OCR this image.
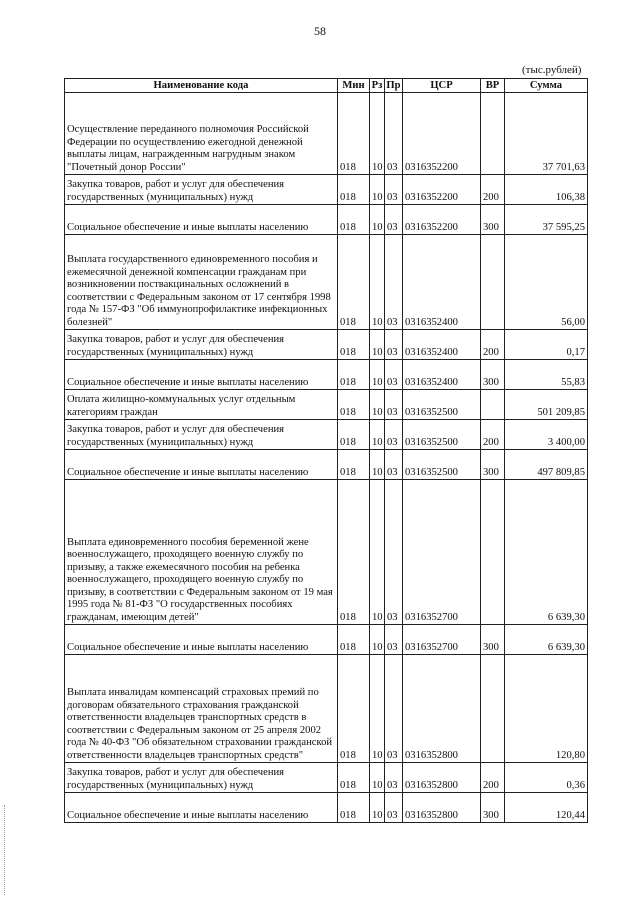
58
(тыс.рублей)
Наименование кода	Мин	Рз	Пр	ЦСР	ВР	Сумма
Осуществление переданного полномочия Российской Федерации по осуществлению ежегодной денежной выплаты лицам, награжденным нагрудным знаком "Почетный донор России"	018	10	03	0316352200		37 701,63
Закупка товаров, работ и услуг для обеспечения государственных (муниципальных) нужд	018	10	03	0316352200	200	106,38
Социальное обеспечение и иные выплаты населению	018	10	03	0316352200	300	37 595,25
Выплата государственного единовременного пособия и ежемесячной денежной компенсации гражданам при возникновении поствакцинальных осложнений в соответствии с Федеральным законом от 17 сентября 1998 года № 157-ФЗ "Об иммунопрофилактике инфекционных болезней"	018	10	03	0316352400		56,00
Закупка товаров, работ и услуг для обеспечения государственных (муниципальных) нужд	018	10	03	0316352400	200	0,17
Социальное обеспечение и иные выплаты населению	018	10	03	0316352400	300	55,83
Оплата жилищно-коммунальных услуг отдельным категориям граждан	018	10	03	0316352500		501 209,85
Закупка товаров, работ и услуг для обеспечения государственных (муниципальных) нужд	018	10	03	0316352500	200	3 400,00
Социальное обеспечение и иные выплаты населению	018	10	03	0316352500	300	497 809,85
Выплата единовременного пособия беременной жене военнослужащего, проходящего военную службу по призыву, а также ежемесячного пособия на ребенка военнослужащего, проходящего военную службу по призыву, в соответствии с Федеральным законом от 19 мая 1995 года № 81-ФЗ "О государственных пособиях гражданам, имеющим детей"	018	10	03	0316352700		6 639,30
Социальное обеспечение и иные выплаты населению	018	10	03	0316352700	300	6 639,30
Выплата инвалидам компенсаций страховых премий по договорам обязательного страхования гражданской ответственности владельцев транспортных средств в соответствии с Федеральным законом от 25 апреля 2002 года № 40-ФЗ "Об обязательном страховании гражданской ответственности владельцев транспортных средств"	018	10	03	0316352800		120,80
Закупка товаров, работ и услуг для обеспечения государственных (муниципальных) нужд	018	10	03	0316352800	200	0,36
Социальное обеспечение и иные выплаты населению	018	10	03	0316352800	300	120,44
